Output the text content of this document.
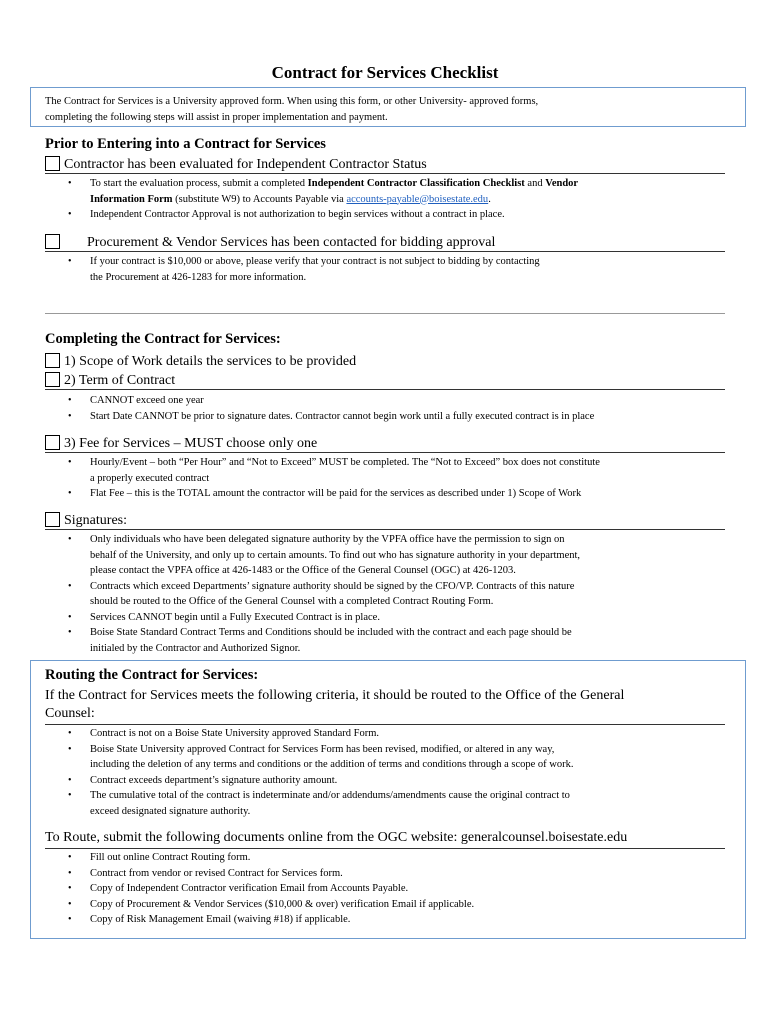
Contract for Services Checklist
The Contract for Services is a University approved form. When using this form, or other University- approved forms,
completing the following steps will assist in proper implementation and payment.
Prior to Entering into a Contract for Services
Contractor has been evaluated for Independent Contractor Status
• To start the evaluation process, submit a completed Independent Contractor Classification Checklist and Vendor
Information Form (substitute W9) to Accounts Payable via accounts-payable@boisestate.edu.
• Independent Contractor Approval is not authorization to begin services without a contract in place.
Procurement & Vendor Services has been contacted for bidding approval
• If your contract is $10,000 or above, please verify that your contract is not subject to bidding by contacting
the Procurement at 426-1283 for more information.
Completing the Contract for Services:
1) Scope of Work details the services to be provided
2) Term of Contract
• CANNOT exceed one year
• Start Date CANNOT be prior to signature dates. Contractor cannot begin work until a fully executed contract is in place
3) Fee for Services – MUST choose only one
• Hourly/Event – both “Per Hour” and “Not to Exceed” MUST be completed. The “Not to Exceed” box does not constitute
a properly executed contract
• Flat Fee – this is the TOTAL amount the contractor will be paid for the services as described under 1) Scope of Work
Signatures:
• Only individuals who have been delegated signature authority by the VPFA office have the permission to sign on
behalf of the University, and only up to certain amounts. To find out who has signature authority in your department,
please contact the VPFA office at 426-1483 or the Office of the General Counsel (OGC) at 426-1203.
• Contracts which exceed Departments’ signature authority should be signed by the CFO/VP. Contracts of this nature
should be routed to the Office of the General Counsel with a completed Contract Routing Form.
• Services CANNOT begin until a Fully Executed Contract is in place.
• Boise State Standard Contract Terms and Conditions should be included with the contract and each page should be
initialed by the Contractor and Authorized Signor.
Routing the Contract for Services:
If the Contract for Services meets the following criteria, it should be routed to the Office of the General
Counsel:
• Contract is not on a Boise State University approved Standard Form.
• Boise State University approved Contract for Services Form has been revised, modified, or altered in any way,
including the deletion of any terms and conditions or the addition of terms and conditions through a scope of work.
• Contract exceeds department’s signature authority amount.
• The cumulative total of the contract is indeterminate and/or addendums/amendments cause the original contract to
exceed designated signature authority.
To Route, submit the following documents online from the OGC website: generalcounsel.boisestate.edu
• Fill out online Contract Routing form.
• Contract from vendor or revised Contract for Services form.
• Copy of Independent Contractor verification Email from Accounts Payable.
• Copy of Procurement & Vendor Services ($10,000 & over) verification Email if applicable.
• Copy of Risk Management Email (waiving #18) if applicable.
